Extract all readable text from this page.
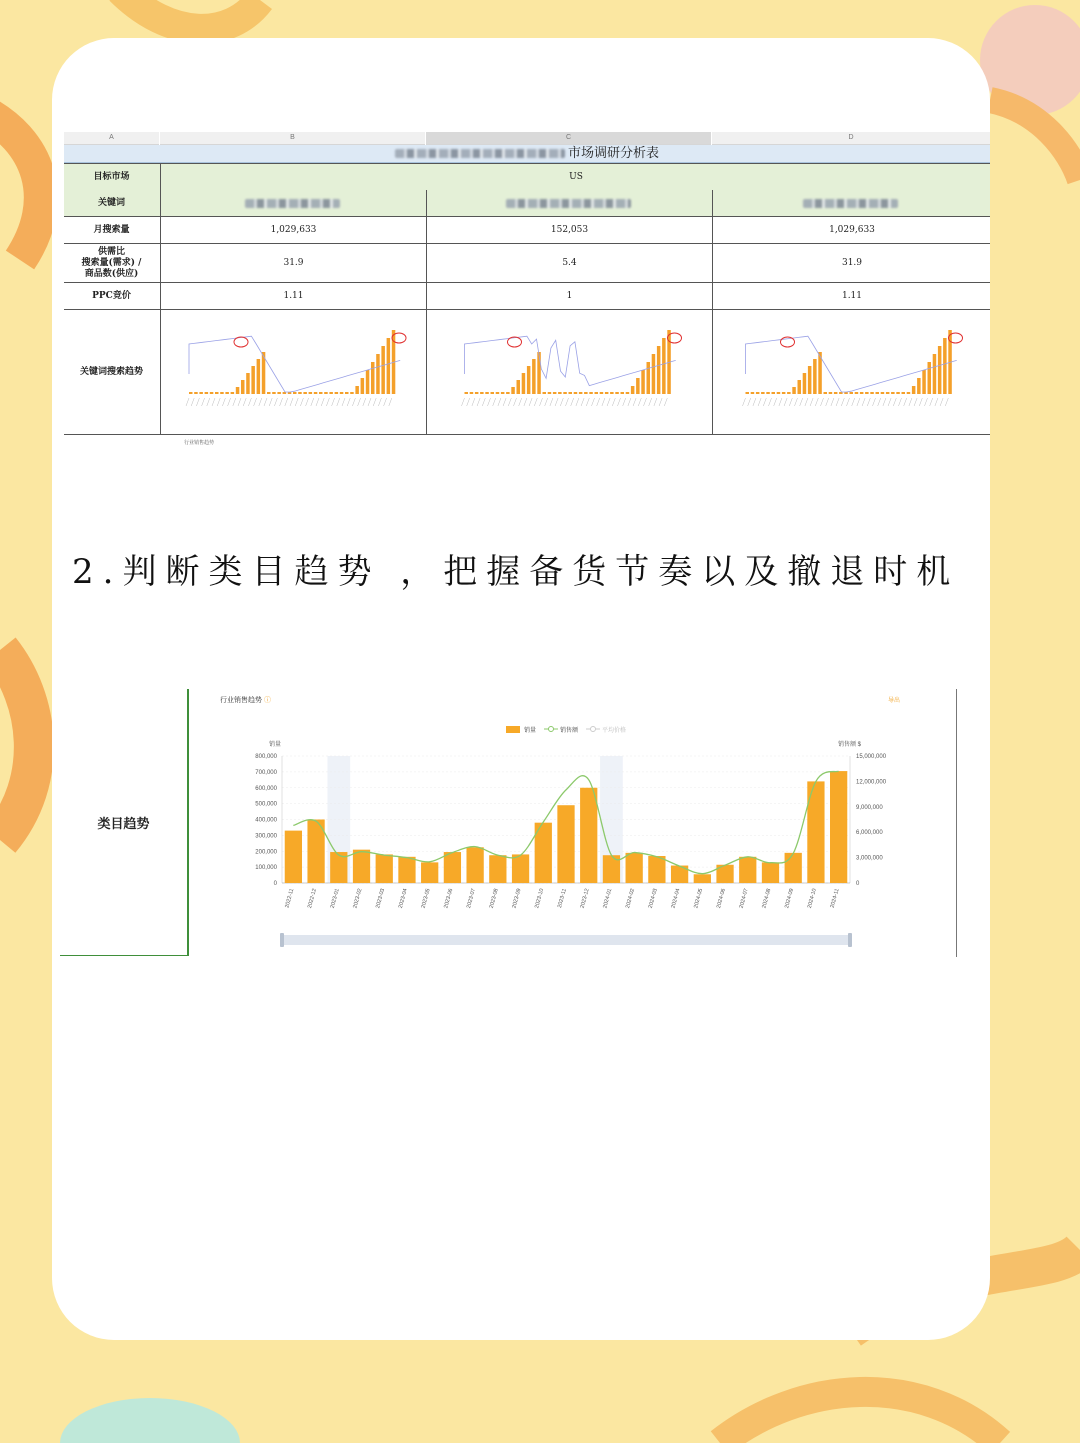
A	B	C	D
市场调研分析表
目标市场	US
关键词
月搜索量	1,029,633	152,053	1,029,633
供需比
搜索量(需求) /
商品数(供应)
31.9	5.4	31.9
PPC竞价	1.11	1	1.11
关键词搜索趋势
行业销售趋势
2.判断类目趋势 ，把握备货节奏以及撤退时机
类目趋势
行业销售趋势 ⓘ	导出
销量	销售额	平均价格
销量	销售额 $
0
100,000
200,000
300,000
400,000
500,000
600,000
700,000
800,000
0
3,000,000
6,000,000
9,000,000
12,000,000
15,000,000
2022-11 2022-12 2023-01 2023-02 2023-03 2023-04 2023-05 2023-06 2023-07 2023-08 2023-09 2023-10 2023-11 2023-12 2024-01 2024-02 2024-03 2024-04 2024-05 2024-06 2024-07 2024-08 2024-09 2024-10 2024-11
